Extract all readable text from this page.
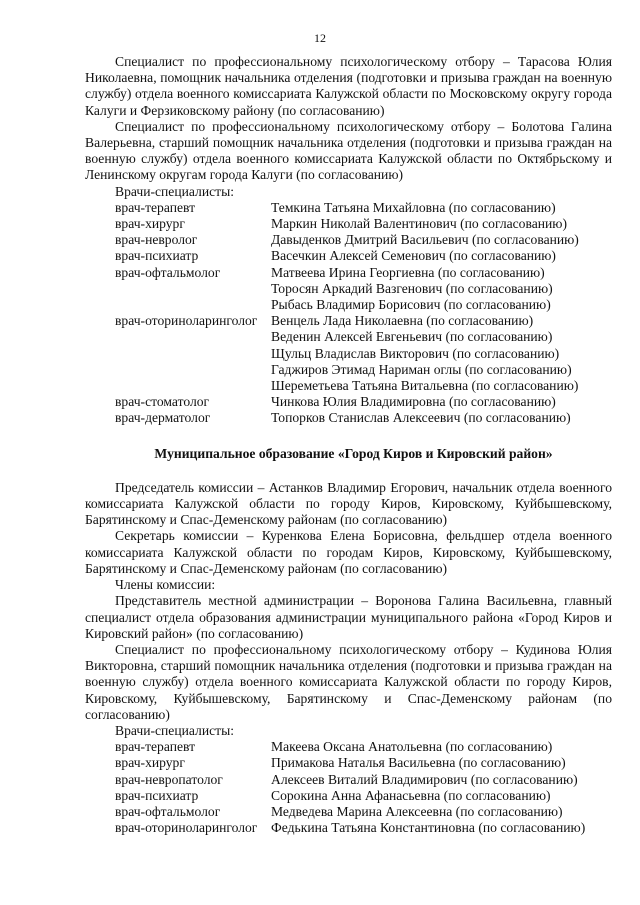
12

Специалист по профессиональному психологическому отбору – Тарасова Юлия Николаевна, помощник начальника отделения (подготовки и призыва граждан на военную службу) отдела военного комиссариата Калужской области по Московскому округу города Калуги и Ферзиковскому району (по согласованию)

Специалист по профессиональному психологическому отбору – Болотова Галина Валерьевна, старший помощник начальника отделения (подготовки и призыва граждан на военную службу) отдела военного комиссариата Калужской области по Октябрьскому и Ленинскому округам города Калуги (по согласованию)

Врачи-специалисты:

врач-терапевт	Темкина Татьяна Михайловна (по согласованию)
врач-хирург	Маркин Николай Валентинович (по согласованию)
врач-невролог	Давыденков Дмитрий Васильевич (по согласованию)
врач-психиатр	Васечкин Алексей Семенович (по согласованию)
врач-офтальмолог	Матвеева Ирина Георгиевна (по согласованию)
Торосян Аркадий Вазгенович (по согласованию)
Рыбась Владимир Борисович (по согласованию)
врач-оториноларинголог	Венцель Лада Николаевна (по согласованию)
Веденин Алексей Евгеньевич (по согласованию)
Щульц Владислав Викторович (по согласованию)
Гаджиров Этимад Нариман оглы (по согласованию)
Шереметьева Татьяна Витальевна (по согласованию)
врач-стоматолог	Чинкова Юлия Владимировна (по согласованию)
врач-дерматолог	Топорков Станислав Алексеевич (по согласованию)
Муниципальное образование «Город Киров и Кировский район»

Председатель комиссии – Астанков Владимир Егорович, начальник отдела военного комиссариата Калужской области по городу Киров, Кировскому, Куйбышевскому, Барятинскому и Спас-Деменскому районам (по согласованию)

Секретарь комиссии – Куренкова Елена Борисовна, фельдшер отдела военного комиссариата Калужской области по городам Киров, Кировскому, Куйбышевскому, Барятинскому и Спас-Деменскому районам (по согласованию)

Члены комиссии:

Представитель местной администрации – Воронова Галина Васильевна, главный специалист отдела образования администрации муниципального района «Город Киров и Кировский район» (по согласованию)

Специалист по профессиональному психологическому отбору – Кудинова Юлия Викторовна, старший помощник начальника отделения (подготовки и призыва граждан на военную службу) отдела военного комиссариата Калужской области по городу Киров, Кировскому, Куйбышевскому, Барятинскому и Спас-Деменскому районам (по согласованию)

Врачи-специалисты:

врач-терапевт	Макеева Оксана Анатольевна (по согласованию)
врач-хирург	Примакова Наталья Васильевна (по согласованию)
врач-невропатолог	Алексеев Виталий Владимирович (по согласованию)
врач-психиатр	Сорокина Анна Афанасьевна (по согласованию)
врач-офтальмолог	Медведева Марина Алексеевна (по согласованию)
врач-оториноларинголог	Федькина Татьяна Константиновна (по согласованию)
